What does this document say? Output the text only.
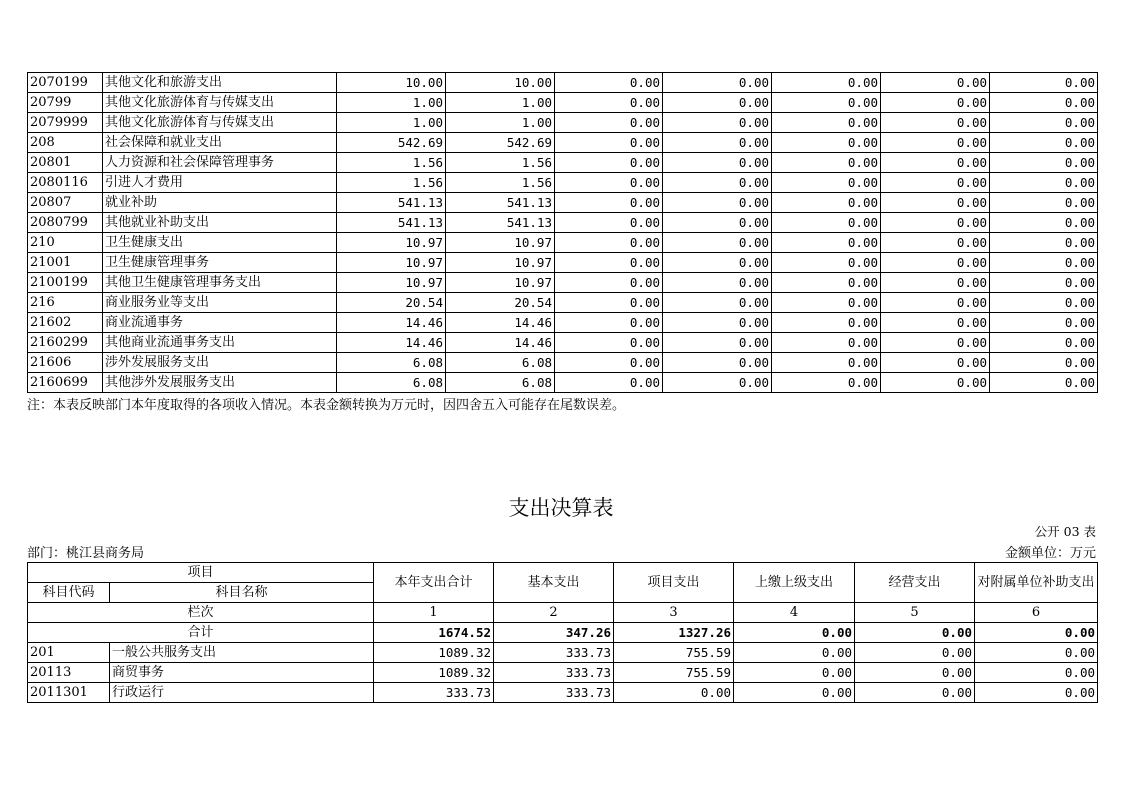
2070199	其他文化和旅游支出	10.00	10.00	0.00	0.00	0.00	0.00	0.00
20799	其他文化旅游体育与传媒支出	1.00	1.00	0.00	0.00	0.00	0.00	0.00
2079999	其他文化旅游体育与传媒支出	1.00	1.00	0.00	0.00	0.00	0.00	0.00
208	社会保障和就业支出	542.69	542.69	0.00	0.00	0.00	0.00	0.00
20801	人力资源和社会保障管理事务	1.56	1.56	0.00	0.00	0.00	0.00	0.00
2080116	引进人才费用	1.56	1.56	0.00	0.00	0.00	0.00	0.00
20807	就业补助	541.13	541.13	0.00	0.00	0.00	0.00	0.00
2080799	其他就业补助支出	541.13	541.13	0.00	0.00	0.00	0.00	0.00
210	卫生健康支出	10.97	10.97	0.00	0.00	0.00	0.00	0.00
21001	卫生健康管理事务	10.97	10.97	0.00	0.00	0.00	0.00	0.00
2100199	其他卫生健康管理事务支出	10.97	10.97	0.00	0.00	0.00	0.00	0.00
216	商业服务业等支出	20.54	20.54	0.00	0.00	0.00	0.00	0.00
21602	商业流通事务	14.46	14.46	0.00	0.00	0.00	0.00	0.00
2160299	其他商业流通事务支出	14.46	14.46	0.00	0.00	0.00	0.00	0.00
21606	涉外发展服务支出	6.08	6.08	0.00	0.00	0.00	0.00	0.00
2160699	其他涉外发展服务支出	6.08	6.08	0.00	0.00	0.00	0.00	0.00
注：本表反映部门本年度取得的各项收入情况。本表金额转换为万元时，因四舍五入可能存在尾数误差。
支出决算表
公开 03 表
部门：桃江县商务局	金额单位：万元
项目		本年支出合计	基本支出	项目支出	上缴上级支出	经营支出	对附属单位补助支出
科目代码	科目名称						
栏次		1	2	3	4	5	6
合计		1674.52	347.26	1327.26	0.00	0.00	0.00
201	一般公共服务支出	1089.32	333.73	755.59	0.00	0.00	0.00
20113	商贸事务	1089.32	333.73	755.59	0.00	0.00	0.00
2011301	行政运行	333.73	333.73	0.00	0.00	0.00	0.00
